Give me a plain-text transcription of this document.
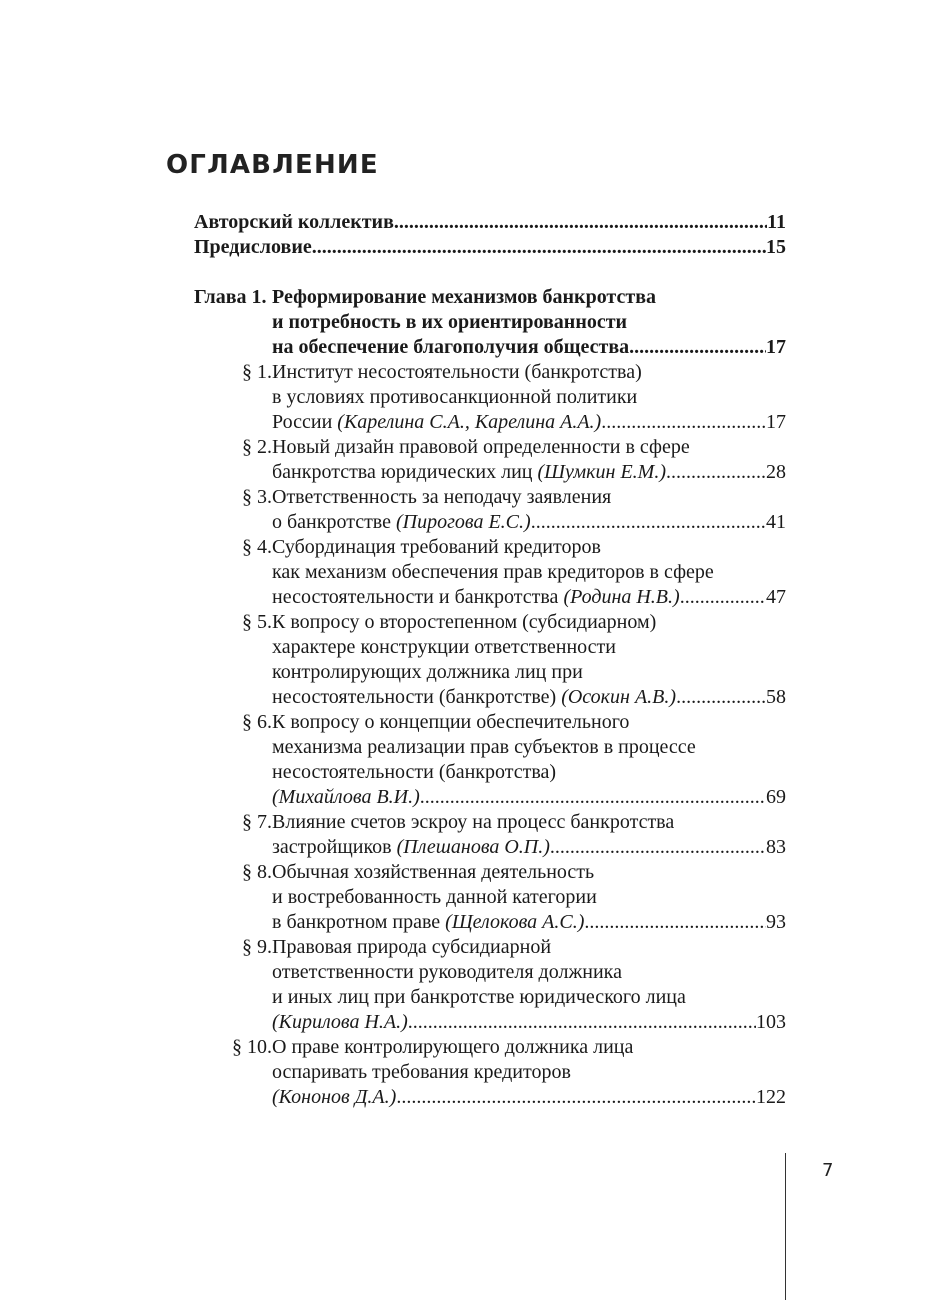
ОГЛАВЛЕНИЕ

Авторский коллектив .....	11

Предисловие .....	15

Глава 1. Реформирование механизмов банкротства
и потребность в их ориентированности
на обеспечение благополучия общества .....	17
§ 1. Институт несостоятельности (банкротства)
в условиях противосанкционной политики
России (Карелина С.А., Карелина А.А.) .....	17
§ 2. Новый дизайн правовой определенности в сфере
банкротства юридических лиц (Шумкин Е.М.) .....	28
§ 3. Ответственность за неподачу заявления
о банкротстве (Пирогова Е.С.) .....	41
§ 4. Субординация требований кредиторов
как механизм обеспечения прав кредиторов в сфере
несостоятельности и банкротства (Родина Н.В.) .....	47
§ 5. К вопросу о второстепенном (субсидиарном)
характере конструкции ответственности
контролирующих должника лиц при
несостоятельности (банкротстве) (Осокин А.В.) .....	58
§ 6. К вопросу о концепции обеспечительного
механизма реализации прав субъектов в процессе
несостоятельности (банкротства)
(Михайлова В.И.) .....	69
§ 7. Влияние счетов эскроу на процесс банкротства
застройщиков (Плешанова О.П.) .....	83
§ 8. Обычная хозяйственная деятельность
и востребованность данной категории
в банкротном праве (Щелокова А.С.) .....	93
§ 9. Правовая природа субсидиарной
ответственности руководителя должника
и иных лиц при банкротстве юридического лица
(Кирилова Н.А.) .....	103
§ 10. О праве контролирующего должника лица
оспаривать требования кредиторов
(Кононов Д.А.) .....	122
7
